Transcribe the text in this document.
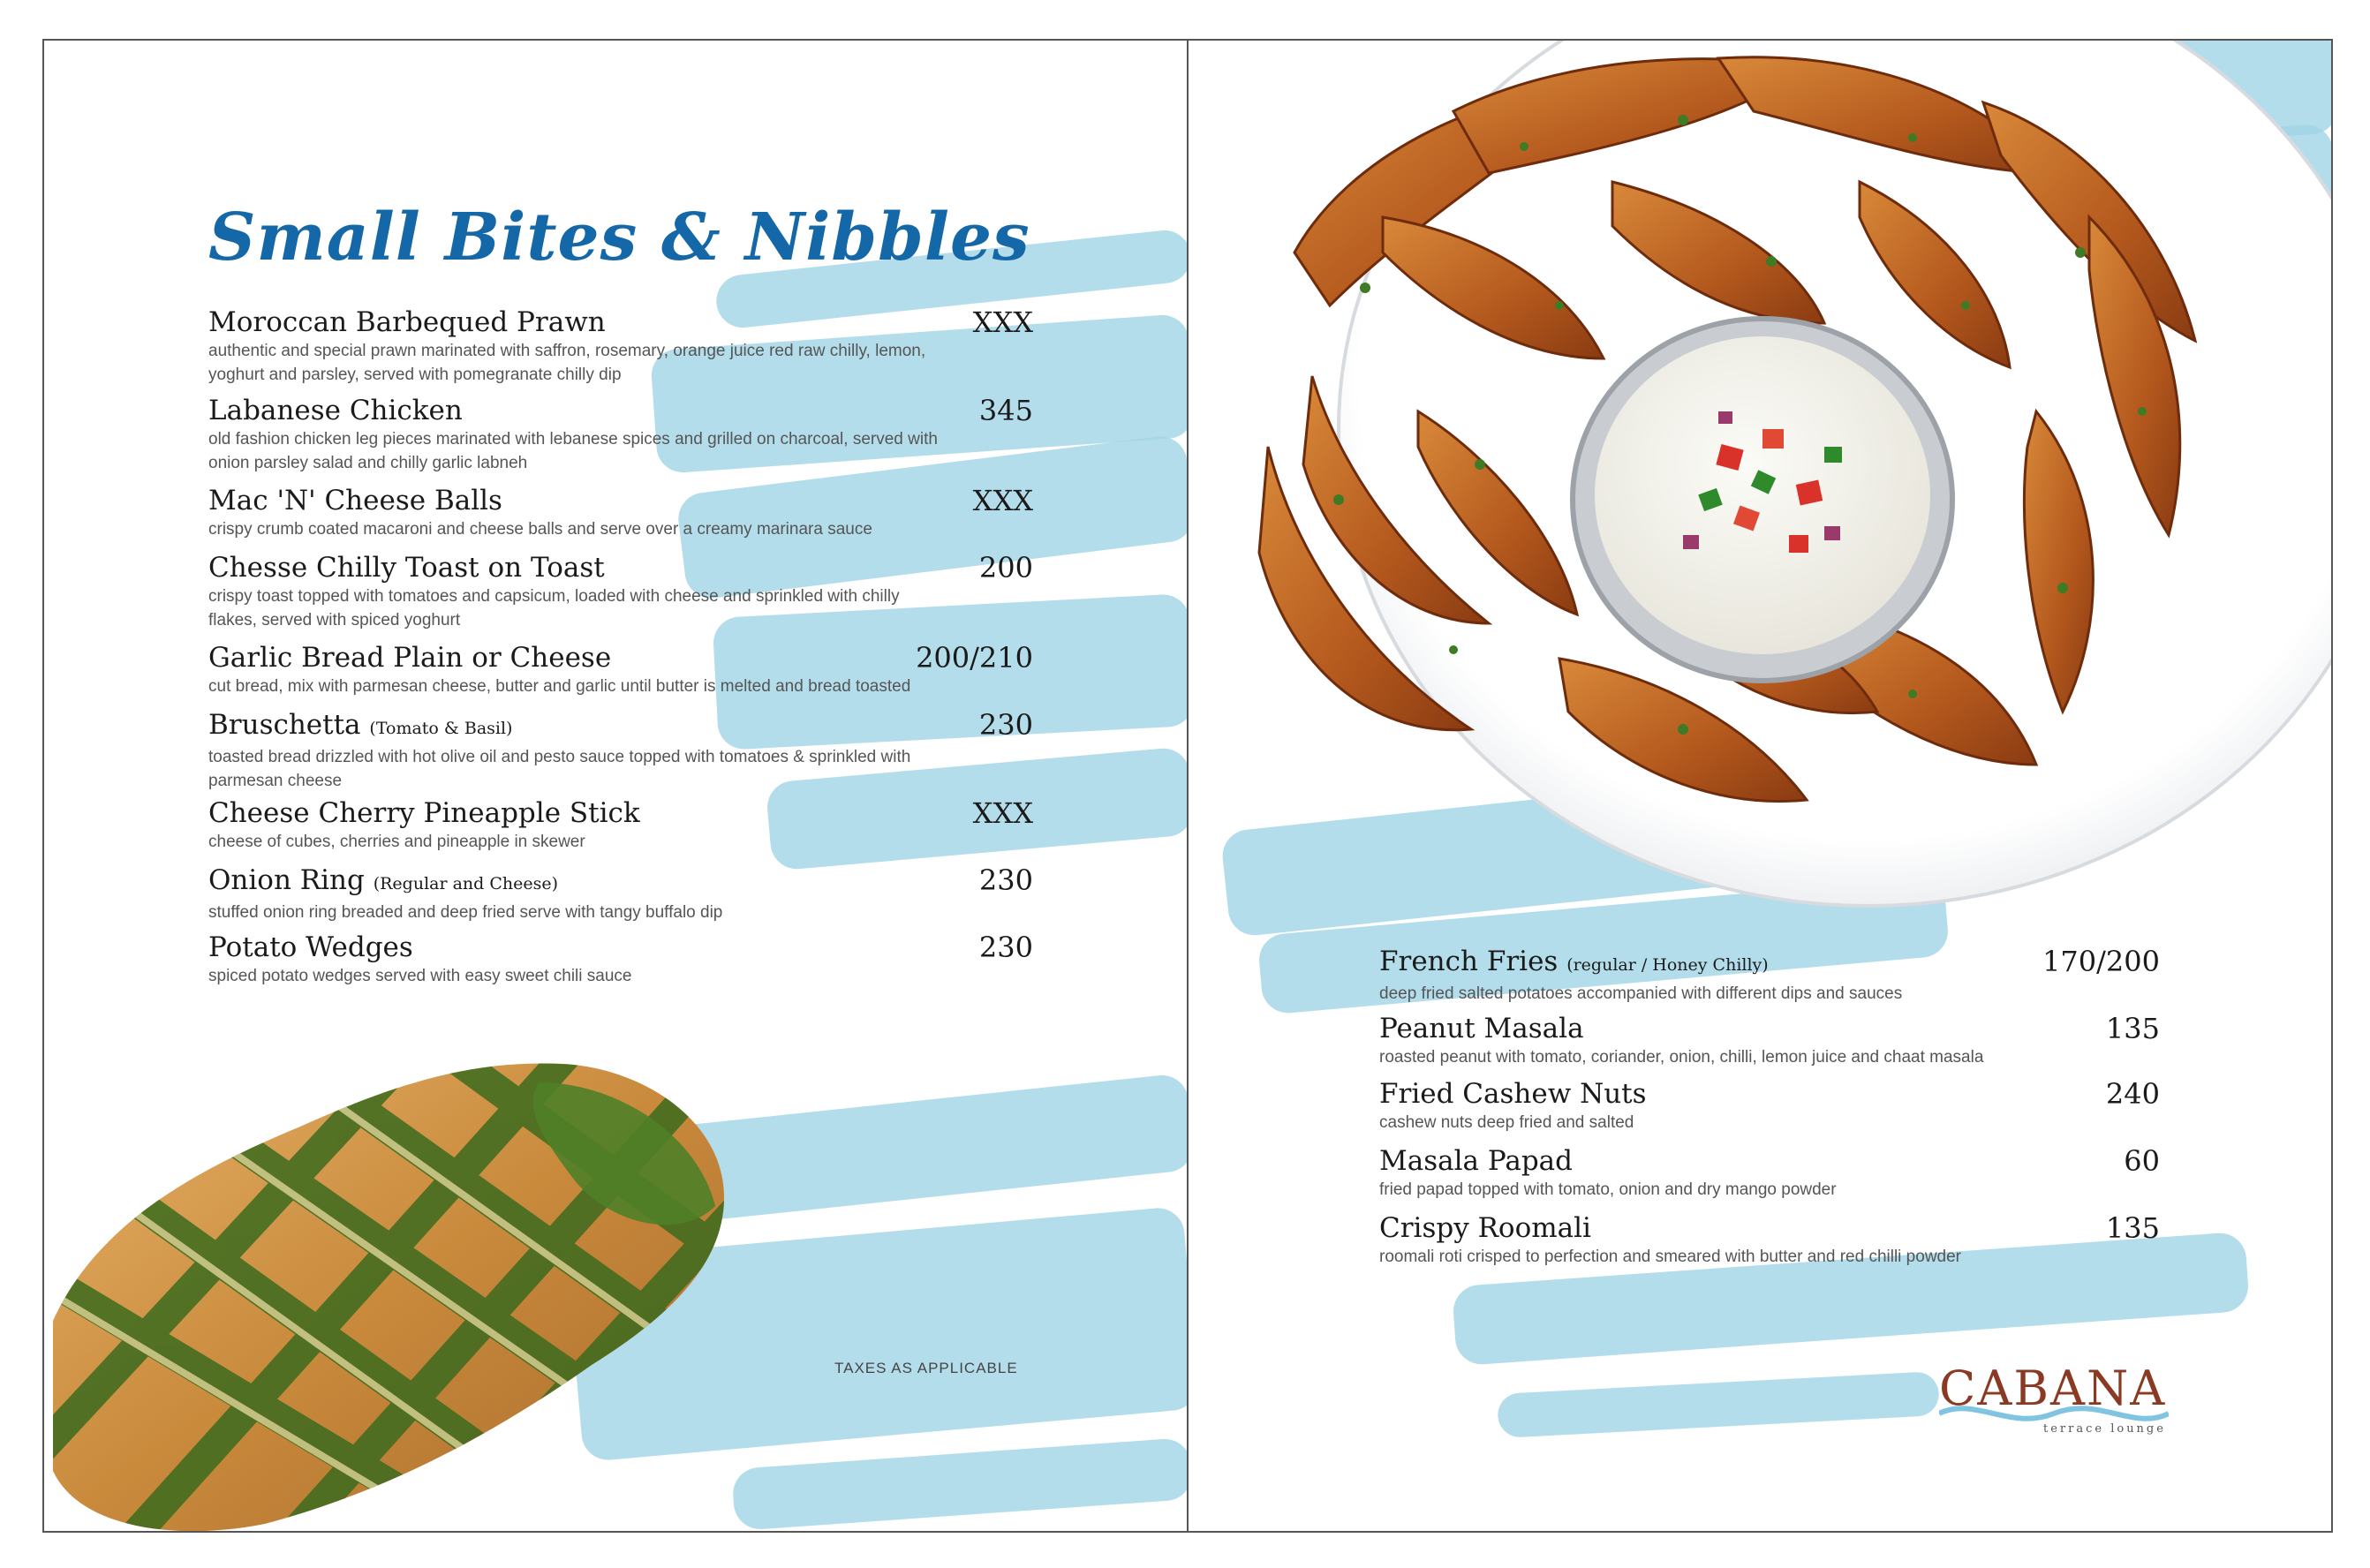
Small Bites & Nibbles
Moroccan Barbequed Prawn	XXX
authentic and special prawn marinated with saffron, rosemary, orange juice red raw chilly, lemon, yoghurt and parsley, served with pomegranate chilly dip
Labanese Chicken	345
old fashion chicken leg pieces marinated with lebanese spices and grilled on charcoal, served with onion parsley salad and chilly garlic labneh
Mac 'N' Cheese Balls	XXX
crispy crumb coated macaroni and cheese balls and serve over a creamy marinara sauce
Chesse Chilly Toast on Toast	200
crispy toast topped with tomatoes and capsicum, loaded with cheese and sprinkled with chilly flakes, served with spiced yoghurt
Garlic Bread Plain or Cheese	200/210
cut bread, mix with parmesan cheese, butter and garlic until butter is melted and bread toasted
Bruschetta (Tomato & Basil)	230
toasted bread drizzled with hot olive oil and pesto sauce topped with tomatoes & sprinkled with parmesan cheese
Cheese Cherry Pineapple Stick	XXX
cheese of cubes, cherries and pineapple in skewer
Onion Ring (Regular and Cheese)	230
stuffed onion ring breaded and deep fried serve with tangy buffalo dip
Potato Wedges	230
spiced potato wedges served with easy sweet chili sauce
TAXES AS APPLICABLE
French Fries (regular / Honey Chilly)	170/200
deep fried salted potatoes accompanied with different dips and sauces
Peanut Masala	135
roasted peanut with tomato, coriander, onion, chilli, lemon juice and chaat masala
Fried Cashew Nuts	240
cashew nuts deep fried and salted
Masala Papad	60
fried papad topped with tomato, onion and dry mango powder
Crispy Roomali	135
roomali roti crisped to perfection and smeared with butter and red chilli powder
CABANA
terrace lounge
